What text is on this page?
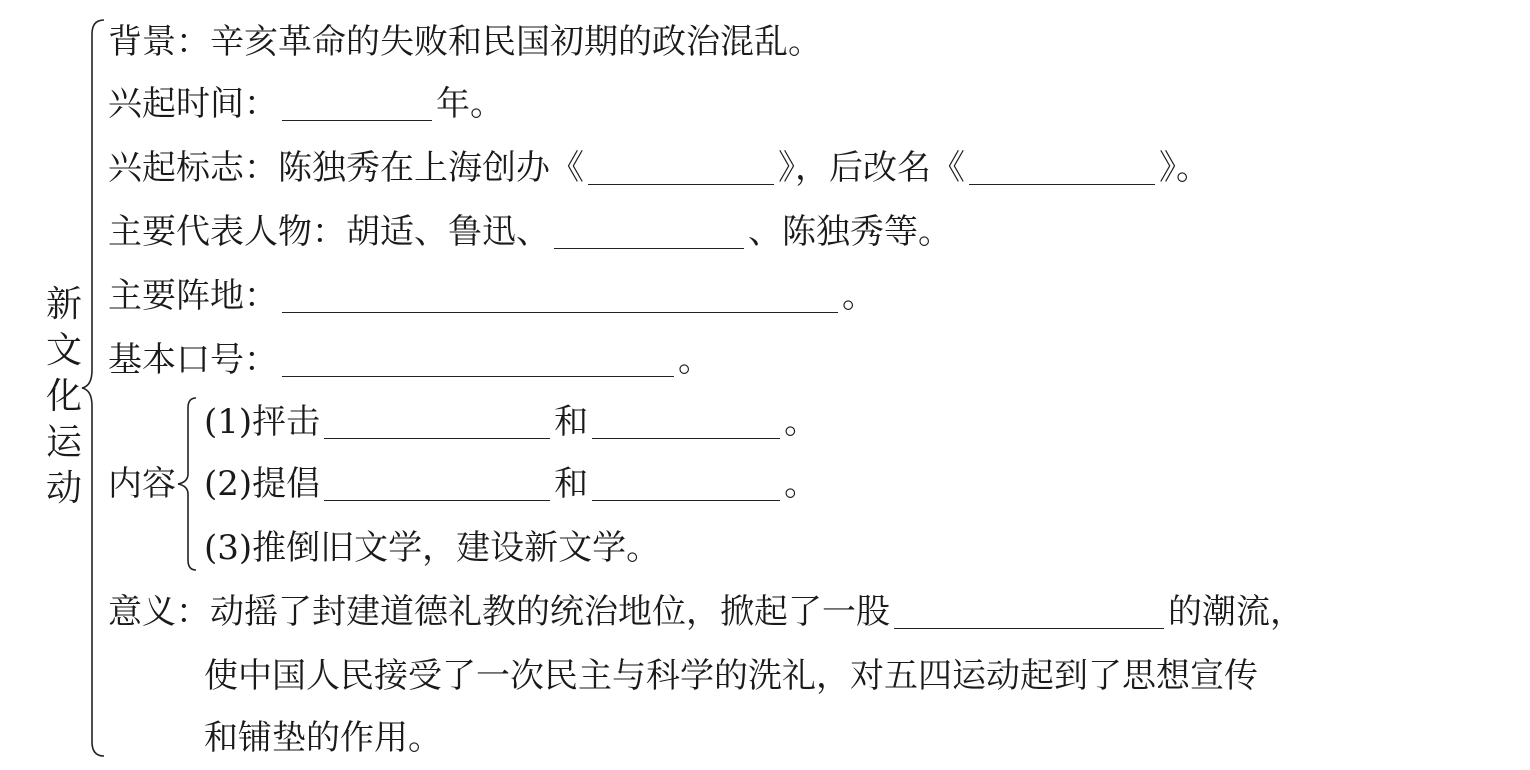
新
文
化
运
动
背景：辛亥革命的失败和民国初期的政治混乱。
兴起时间：	年。
兴起标志：陈独秀在上海创办《	》，后改名《	》。
主要代表人物：胡适、鲁迅、	、陈独秀等。
主要阵地：	。
基本口号：	。
内容
(1)抨击	和	。
(2)提倡	和	。
(3)推倒旧文学，建设新文学。
意义：动摇了封建道德礼教的统治地位，掀起了一股	的潮流，
使中国人民接受了一次民主与科学的洗礼，对五四运动起到了思想宣传
和铺垫的作用。
